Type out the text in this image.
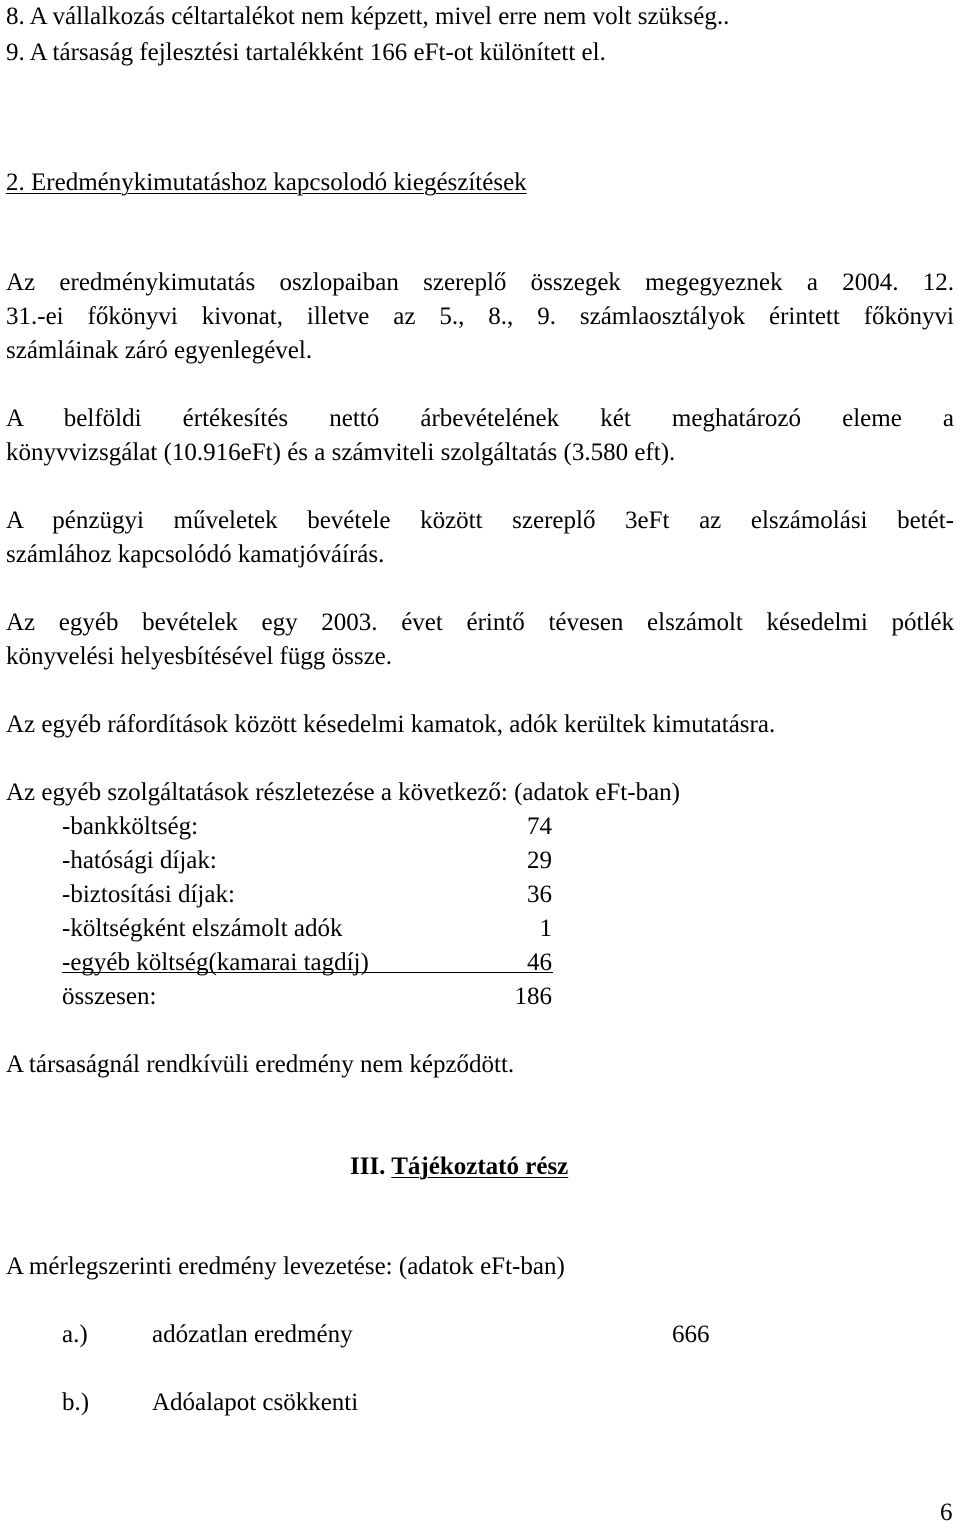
8. A vállalkozás céltartalékot nem képzett, mivel erre nem volt szükség..
9. A társaság fejlesztési tartalékként 166 eFt-ot különített el.
2. Eredménykimutatáshoz kapcsolodó kiegészítések
Az eredménykimutatás oszlopaiban szereplő összegek megegyeznek a 2004. 12.
31.-ei főkönyvi kivonat, illetve az 5., 8., 9. számlaosztályok érintett főkönyvi
számláinak záró egyenlegével.
A belföldi értékesítés nettó árbevételének két meghatározó eleme a
könyvvizsgálat (10.916eFt) és a számviteli szolgáltatás (3.580 eft).
A pénzügyi műveletek bevétele között szereplő 3eFt az elszámolási betét-
számlához kapcsolódó kamatjóváírás.
Az egyéb bevételek egy 2003. évet érintő tévesen elszámolt késedelmi pótlék
könyvelési helyesbítésével függ össze.
Az egyéb ráfordítások között késedelmi kamatok, adók kerültek kimutatásra.
Az egyéb szolgáltatások részletezése a következő: (adatok eFt-ban)
-bankköltség:	74
-hatósági díjak:	29
-biztosítási díjak:	36
-költségként elszámolt adók	1
-egyéb költség(kamarai tagdíj)	46
összesen:	186
A társaságnál rendkívüli eredmény nem képződött.
III. Tájékoztató rész
A mérlegszerinti eredmény levezetése: (adatok eFt-ban)
a.)	adózatlan eredmény	666
b.)	Adóalapot csökkenti
6
